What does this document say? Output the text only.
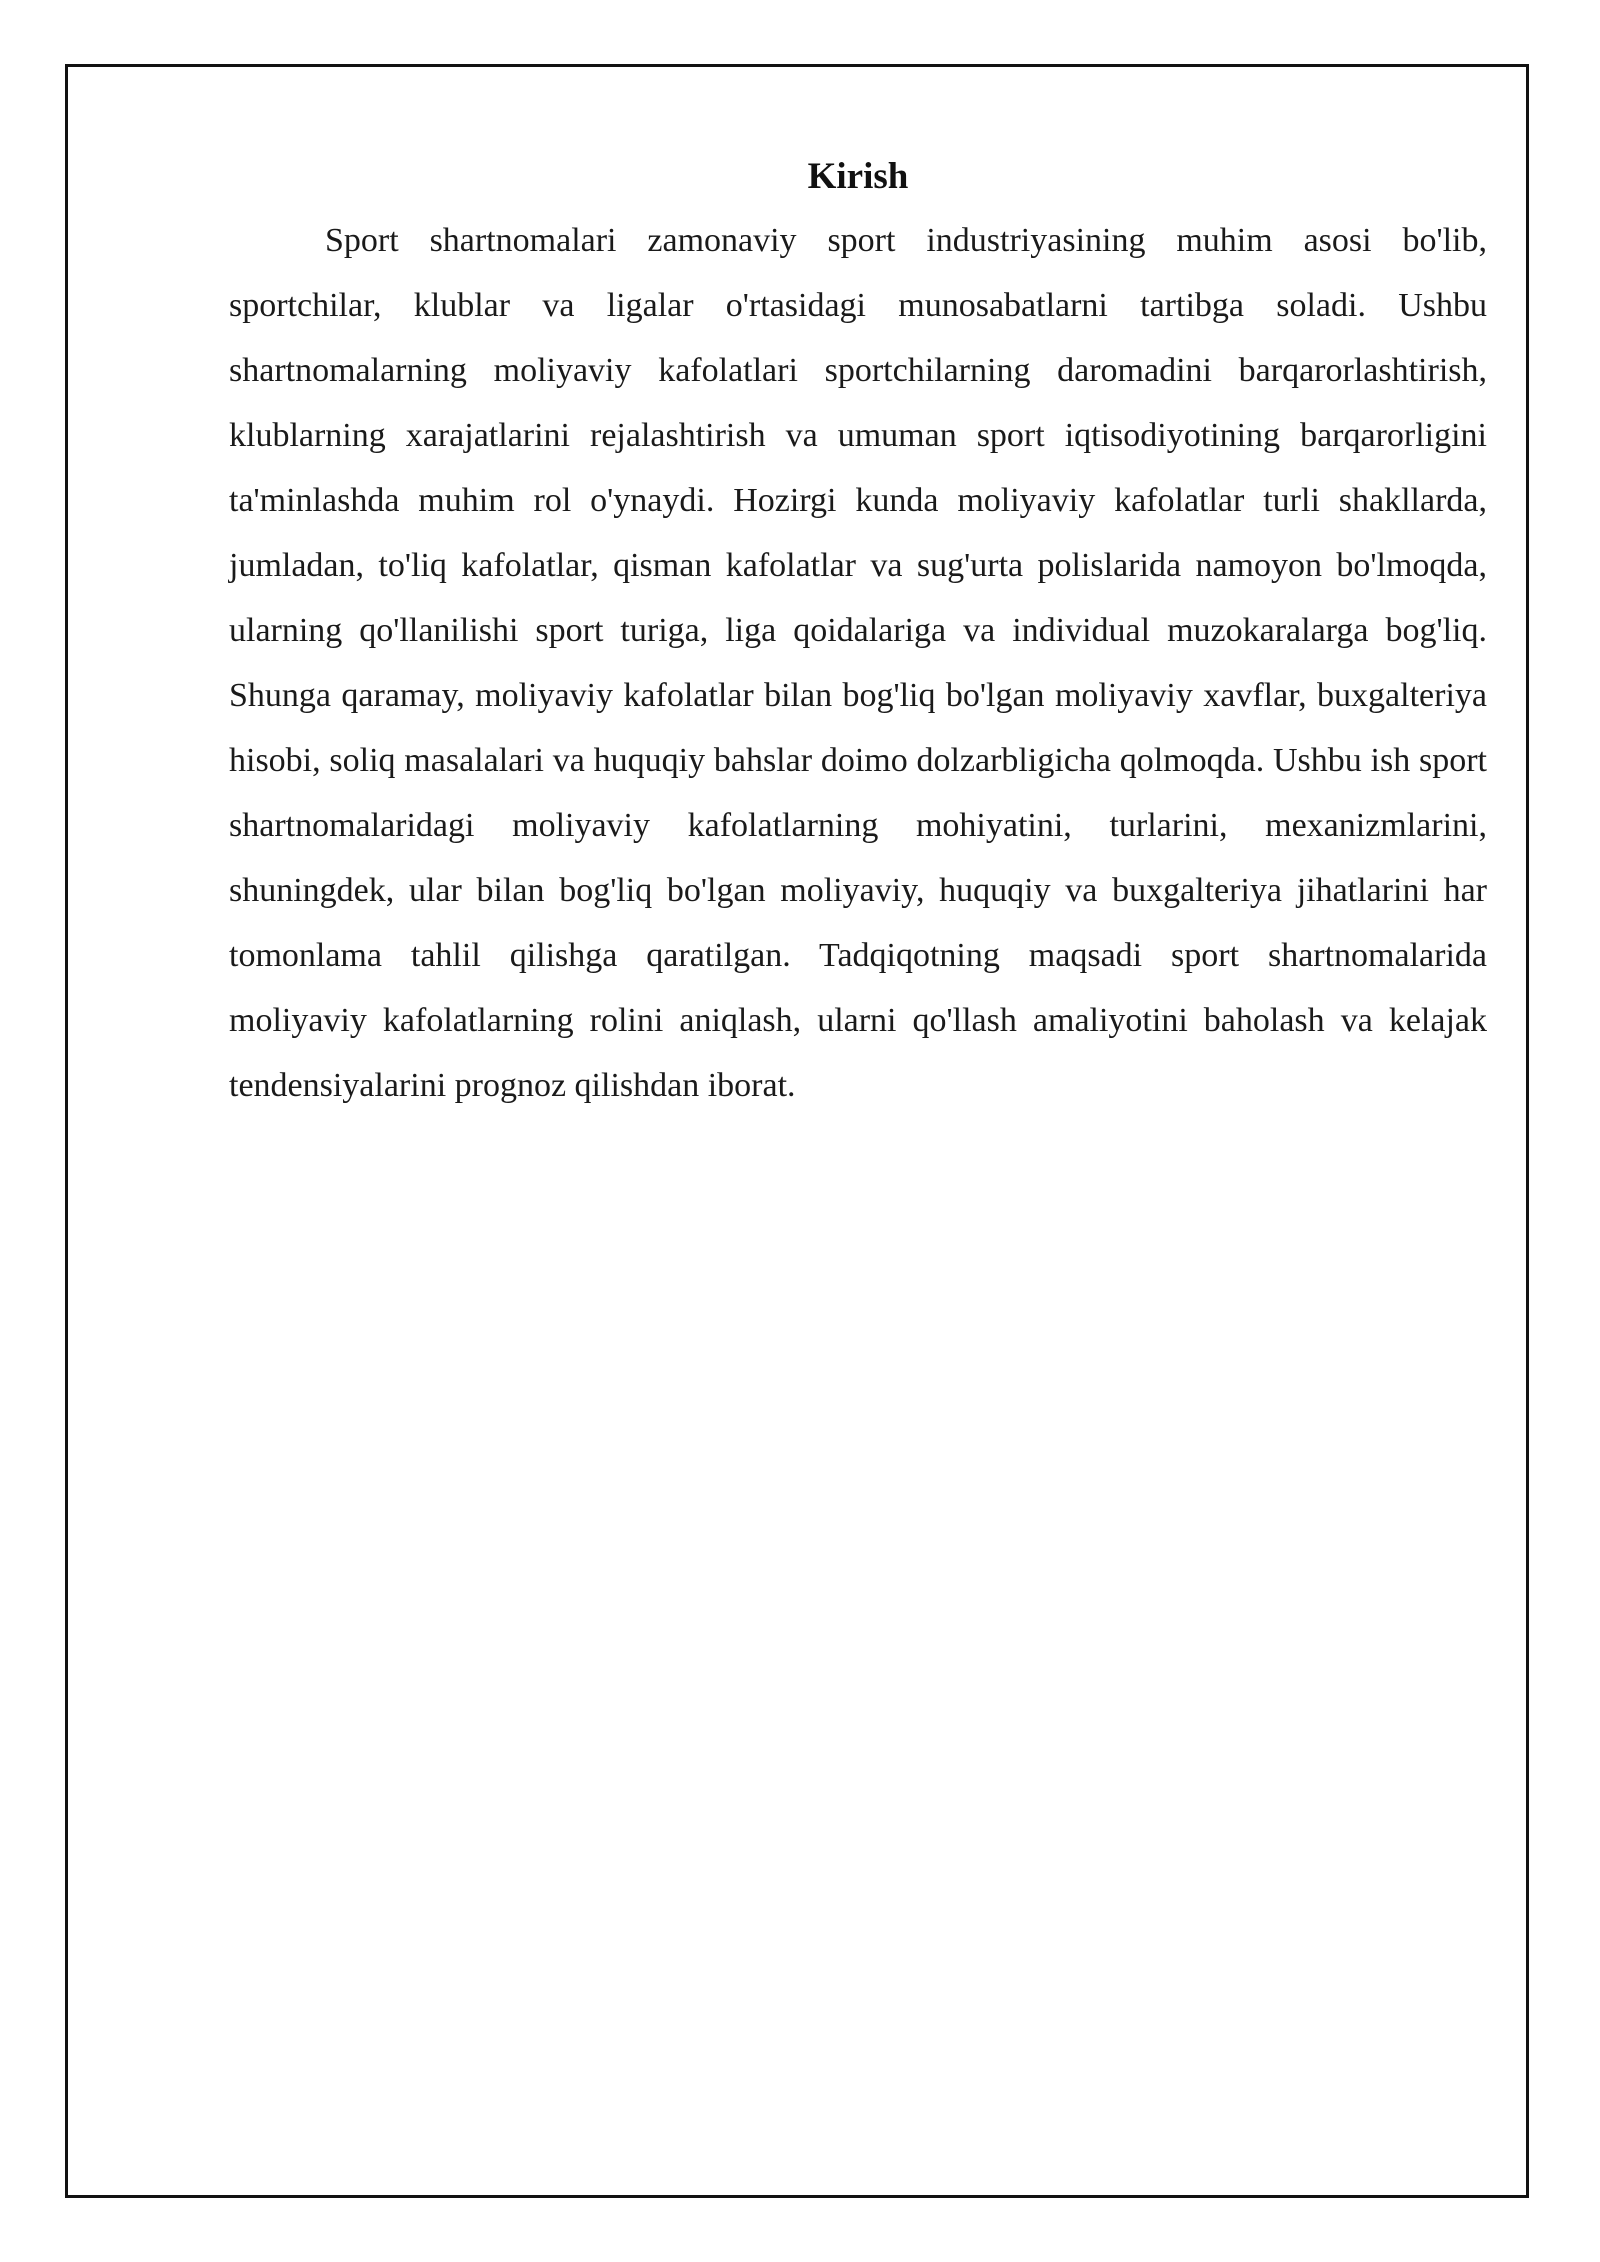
Kirish

Sport shartnomalari zamonaviy sport industriyasining muhim asosi bo'lib, sportchilar, klublar va ligalar o'rtasidagi munosabatlarni tartibga soladi. Ushbu shartnomalarning moliyaviy kafolatlari sportchilarning daromadini barqarorlashtirish, klublarning xarajatlarini rejalashtirish va umuman sport iqtisodiyotining barqarorligini ta'minlashda muhim rol o'ynaydi. Hozirgi kunda moliyaviy kafolatlar turli shakllarda, jumladan, to'liq kafolatlar, qisman kafolatlar va sug'urta polislarida namoyon bo'lmoqda, ularning qo'llanilishi sport turiga, liga qoidalariga va individual muzokaralarga bog'liq. Shunga qaramay, moliyaviy kafolatlar bilan bog'liq bo'lgan moliyaviy xavflar, buxgalteriya hisobi, soliq masalalari va huquqiy bahslar doimo dolzarbligicha qolmoqda. Ushbu ish sport shartnomalaridagi moliyaviy kafolatlarning mohiyatini, turlarini, mexanizmlarini, shuningdek, ular bilan bog'liq bo'lgan moliyaviy, huquqiy va buxgalteriya jihatlarini har tomonlama tahlil qilishga qaratilgan. Tadqiqotning maqsadi sport shartnomalarida moliyaviy kafolatlarning rolini aniqlash, ularni qo'llash amaliyotini baholash va kelajak tendensiyalarini prognoz qilishdan iborat.
